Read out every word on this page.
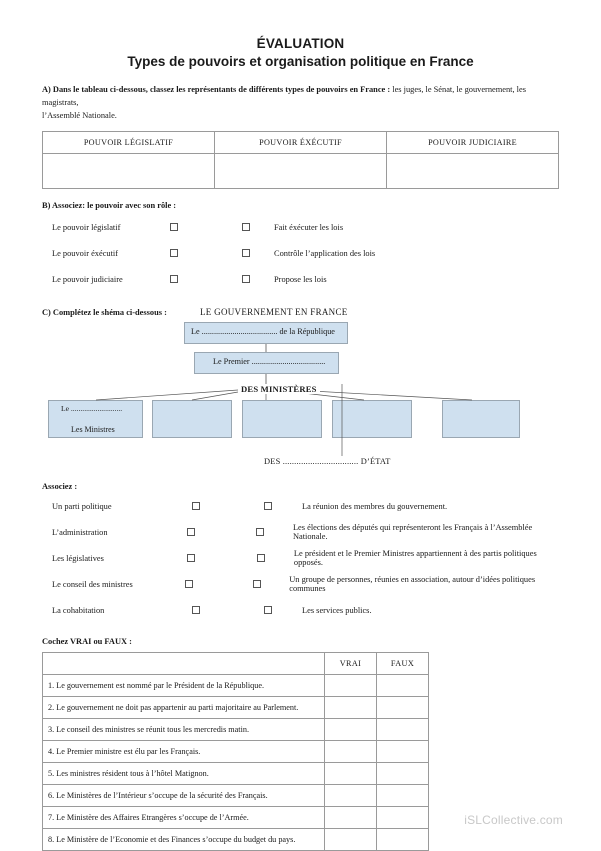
ÉVALUATION
Types de pouvoirs et organisation politique en France
A) Dans le tableau ci-dessous, classez les représentants de différents types de pouvoirs en France : les juges, le Sénat, le gouvernement, les magistrats,
l’Assemblé Nationale.
POUVOIR LÉGISLATIF	POUVOIR ÉXÉCUTIF	POUVOIR JUDICIAIRE

B) Associez: le pouvoir avec son rôle :
Le pouvoir législatif	Fait éxécuter les lois
Le pouvoir éxécutif	Contrôle l’application des lois
Le pouvoir judiciaire	Propose les lois
C) Complétez le shéma ci-dessous :	LE GOUVERNEMENT EN FRANCE
Le ..................................... de la République
Le Premier ....................................
DES MINISTÈRES
Le ...........................
Les Ministres
DES ................................. D’ÉTAT
Associez :
Un parti politique	La réunion des membres du gouvernement.
L’administration	Les élections des députés qui représenteront les Français à l’Assemblée Nationale.
Les législatives	Le président et le Premier Ministres appartiennent à des partis politiques opposés.
Le conseil des ministres	Un groupe de personnes, réunies en association, autour d’idées politiques communes
La cohabitation	Les services publics.
Cochez VRAI ou FAUX :
	VRAI	FAUX
1. Le gouvernement est nommé par le Président de la République.		
2. Le gouvernement ne doit pas appartenir au parti majoritaire au Parlement.		
3. Le conseil des ministres se réunit tous les mercredis matin.		
4. Le Premier ministre est élu par les Français.		
5. Les ministres résident tous à l’hôtel Matignon.		
6. Le Ministères de l’Intérieur s’occupe de la sécurité des Français.		
7. Le Ministère des Affaires Etrangères s’occupe de l’Armée.		
8. Le Ministère de l’Economie et des Finances s’occupe du budget du pays.		
iSLCollective.com
